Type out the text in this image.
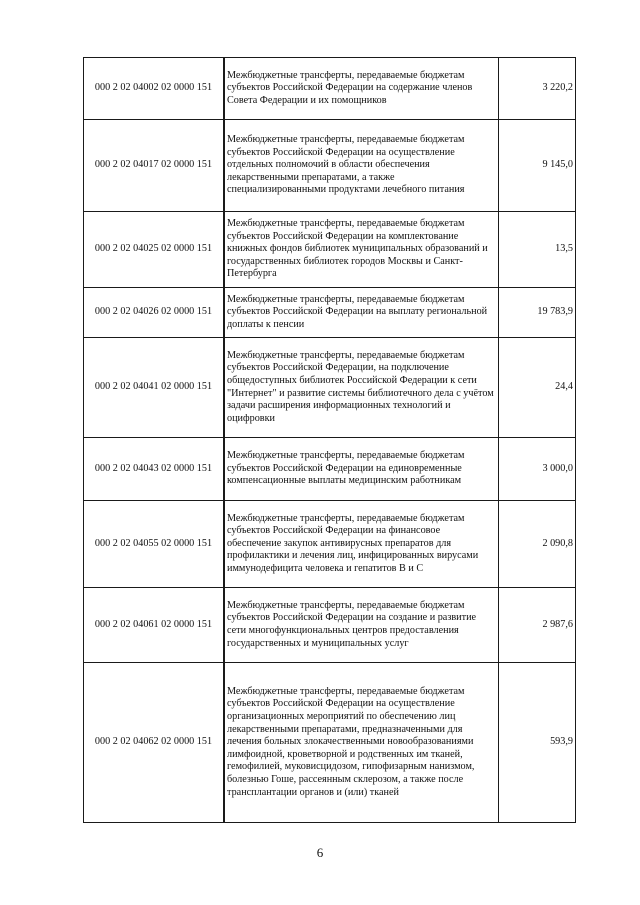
000 2 02 04002 02 0000 151	Межбюджетные трансферты, передаваемые бюджетам субъектов Российской Федерации на содержание членов Совета Федерации и их помощников	3 220,2
000 2 02 04017 02 0000 151	Межбюджетные трансферты, передаваемые бюджетам субъектов Российской Федерации на осуществление отдельных полномочий в области обеспечения лекарственными препаратами, а также специализированными продуктами лечебного питания	9 145,0
000 2 02 04025 02 0000 151	Межбюджетные трансферты, передаваемые бюджетам субъектов Российской Федерации на комплектование книжных фондов библиотек муниципальных образований и государственных библиотек городов Москвы и Санкт-Петербурга	13,5
000 2 02 04026 02 0000 151	Межбюджетные трансферты, передаваемые бюджетам субъектов Российской Федерации на выплату региональной доплаты к пенсии	19 783,9
000 2 02 04041 02 0000 151	Межбюджетные трансферты, передаваемые бюджетам субъектов Российской Федерации, на подключение общедоступных библиотек Российской Федерации к сети "Интернет" и развитие системы библиотечного дела с учётом задачи расширения информационных технологий и оцифровки	24,4
000 2 02 04043 02 0000 151	Межбюджетные трансферты, передаваемые бюджетам субъектов Российской Федерации на единовременные компенсационные выплаты медицинским работникам	3 000,0
000 2 02 04055 02 0000 151	Межбюджетные трансферты, передаваемые бюджетам субъектов Российской Федерации на финансовое обеспечение закупок антивирусных препаратов для профилактики и лечения лиц, инфицированных вирусами иммунодефицита человека и гепатитов В и С	2 090,8
000 2 02 04061 02 0000 151	Межбюджетные трансферты, передаваемые бюджетам субъектов Российской Федерации на создание и развитие сети многофункциональных центров предоставления государственных и муниципальных услуг	2 987,6
000 2 02 04062 02 0000 151	Межбюджетные трансферты, передаваемые бюджетам субъектов Российской Федерации на осуществление организационных мероприятий по обеспечению лиц лекарственными препаратами, предназначенными для лечения больных злокачественными новообразованиями лимфоидной, кроветворной и родственных им тканей, гемофилией, муковисцидозом, гипофизарным нанизмом, болезнью Гоше, рассеянным склерозом, а также после трансплантации органов и (или) тканей	593,9
6
